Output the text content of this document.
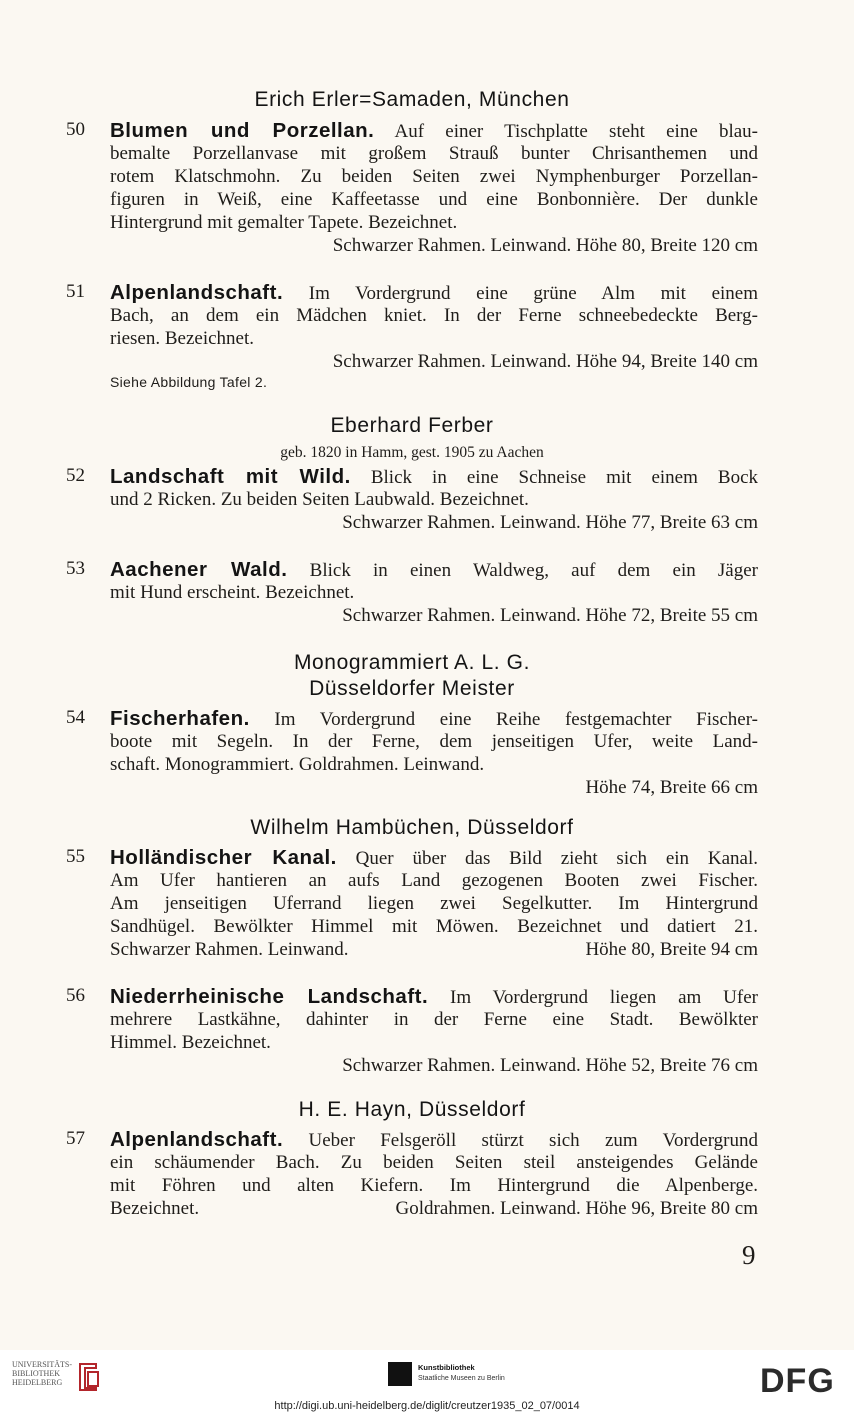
Erich Erler=Samaden, München
50 Blumen und Porzellan. Auf einer Tischplatte steht eine blau-
bemalte Porzellanvase mit großem Strauß bunter Chrisanthemen und
rotem Klatschmohn. Zu beiden Seiten zwei Nymphenburger Porzellan-
figuren in Weiß, eine Kaffeetasse und eine Bonbonnière. Der dunkle
Hintergrund mit gemalter Tapete. Bezeichnet.
Schwarzer Rahmen. Leinwand. Höhe 80, Breite 120 cm
51 Alpenlandschaft. Im Vordergrund eine grüne Alm mit einem
Bach, an dem ein Mädchen kniet. In der Ferne schneebedeckte Berg-
riesen. Bezeichnet.
Schwarzer Rahmen. Leinwand. Höhe 94, Breite 140 cm
Siehe Abbildung Tafel 2.
Eberhard Ferber
geb. 1820 in Hamm, gest. 1905 zu Aachen
52 Landschaft mit Wild. Blick in eine Schneise mit einem Bock
und 2 Ricken. Zu beiden Seiten Laubwald. Bezeichnet.
Schwarzer Rahmen. Leinwand. Höhe 77, Breite 63 cm
53 Aachener Wald. Blick in einen Waldweg, auf dem ein Jäger
mit Hund erscheint. Bezeichnet.
Schwarzer Rahmen. Leinwand. Höhe 72, Breite 55 cm
Monogrammiert A. L. G.
Düsseldorfer Meister
54 Fischerhafen. Im Vordergrund eine Reihe festgemachter Fischer-
boote mit Segeln. In der Ferne, dem jenseitigen Ufer, weite Land-
schaft. Monogrammiert. Goldrahmen. Leinwand.
Höhe 74, Breite 66 cm
Wilhelm Hambüchen, Düsseldorf
55 Holländischer Kanal. Quer über das Bild zieht sich ein Kanal.
Am Ufer hantieren an aufs Land gezogenen Booten zwei Fischer.
Am jenseitigen Uferrand liegen zwei Segelkutter. Im Hintergrund
Sandhügel. Bewölkter Himmel mit Möwen. Bezeichnet und datiert 21.
Schwarzer Rahmen. Leinwand.	Höhe 80, Breite 94 cm
56 Niederrheinische Landschaft. Im Vordergrund liegen am Ufer
mehrere Lastkähne, dahinter in der Ferne eine Stadt. Bewölkter
Himmel. Bezeichnet.
Schwarzer Rahmen. Leinwand. Höhe 52, Breite 76 cm
H. E. Hayn, Düsseldorf
57 Alpenlandschaft. Ueber Felsgeröll stürzt sich zum Vordergrund
ein schäumender Bach. Zu beiden Seiten steil ansteigendes Gelände
mit Föhren und alten Kiefern. Im Hintergrund die Alpenberge.
Bezeichnet.	Goldrahmen. Leinwand. Höhe 96, Breite 80 cm
9
UNIVERSITÄTS-
BIBLIOTHEK
HEIDELBERG
Kunstbibliothek
Staatliche Museen zu Berlin	DFG
http://digi.ub.uni-heidelberg.de/diglit/creutzer1935_02_07/0014
